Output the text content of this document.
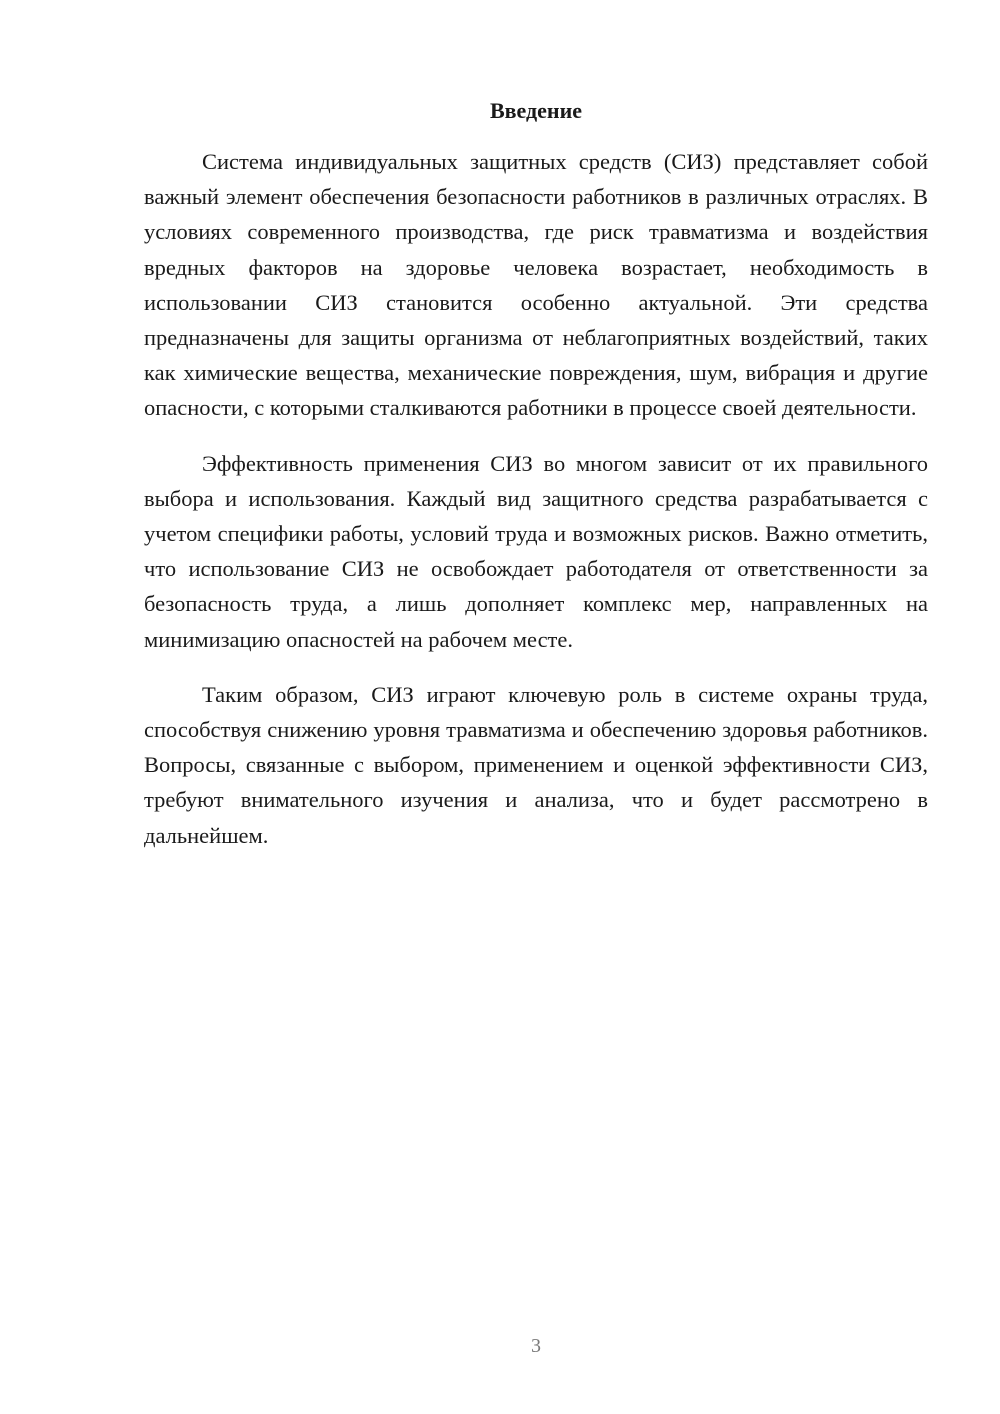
Введение

Система индивидуальных защитных средств (СИЗ) представляет собой важный элемент обеспечения безопасности работников в различных отраслях. В условиях современного производства, где риск травматизма и воздействия вредных факторов на здоровье человека возрастает, необходимость в использовании СИЗ становится особенно актуальной. Эти средства предназначены для защиты организма от неблагоприятных воздействий, таких как химические вещества, механические повреждения, шум, вибрация и другие опасности, с которыми сталкиваются работники в процессе своей деятельности.

Эффективность применения СИЗ во многом зависит от их правильного выбора и использования. Каждый вид защитного средства разрабатывается с учетом специфики работы, условий труда и возможных рисков. Важно отметить, что использование СИЗ не освобождает работодателя от ответственности за безопасность труда, а лишь дополняет комплекс мер, направленных на минимизацию опасностей на рабочем месте.

Таким образом, СИЗ играют ключевую роль в системе охраны труда, способствуя снижению уровня травматизма и обеспечению здоровья работников. Вопросы, связанные с выбором, применением и оценкой эффективности СИЗ, требуют внимательного изучения и анализа, что и будет рассмотрено в дальнейшем.

3
